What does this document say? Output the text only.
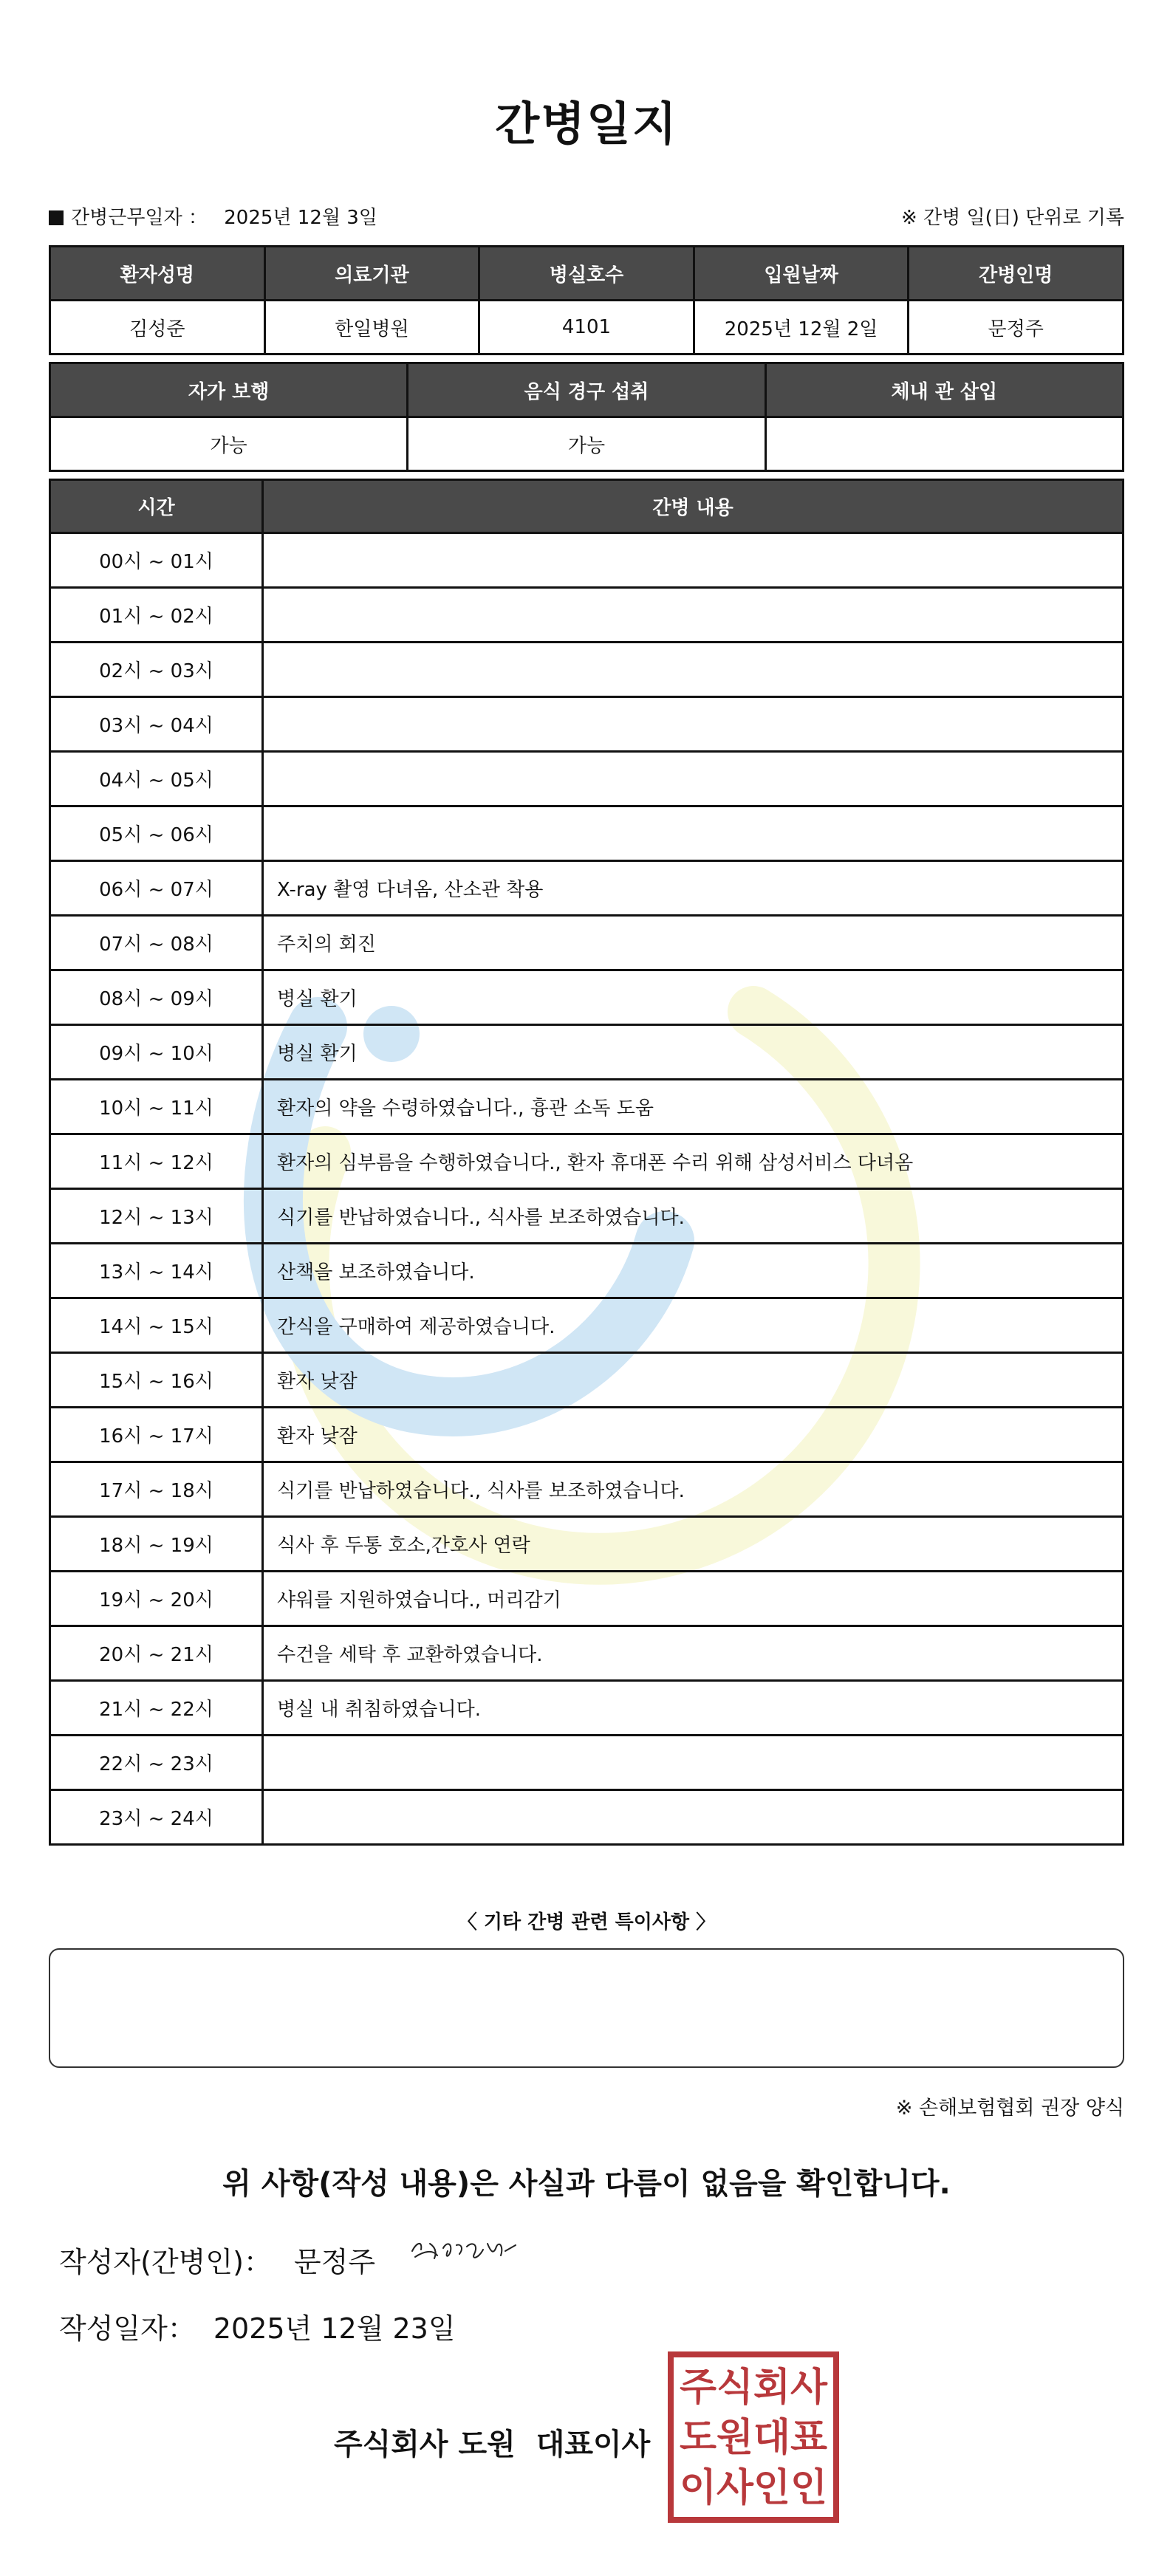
간병일지
간병근무일자 ： 2025년 12월 3일	※ 간병 일(日) 단위로 기록
환자성명	의료기관	병실호수	입원날짜	간병인명
김성준	한일병원	4101	2025년 12월 2일	문정주
자가 보행	음식 경구 섭취	체내 관 삽입
가능	가능	
시간	간병 내용
00시 ~ 01시	
01시 ~ 02시	
02시 ~ 03시	
03시 ~ 04시	
04시 ~ 05시	
05시 ~ 06시	
06시 ~ 07시	X-ray 촬영 다녀옴, 산소관 착용
07시 ~ 08시	주치의 회진
08시 ~ 09시	병실 환기
09시 ~ 10시	병실 환기
10시 ~ 11시	환자의 약을 수령하였습니다., 흉관 소독 도움
11시 ~ 12시	환자의 심부름을 수행하였습니다., 환자 휴대폰 수리 위해 삼성서비스 다녀옴
12시 ~ 13시	식기를 반납하였습니다., 식사를 보조하였습니다.
13시 ~ 14시	산책을 보조하였습니다.
14시 ~ 15시	간식을 구매하여 제공하였습니다.
15시 ~ 16시	환자 낮잠
16시 ~ 17시	환자 낮잠
17시 ~ 18시	식기를 반납하였습니다., 식사를 보조하였습니다.
18시 ~ 19시	식사 후 두통 호소,간호사 연락
19시 ~ 20시	샤워를 지원하였습니다., 머리감기
20시 ~ 21시	수건을 세탁 후 교환하였습니다.
21시 ~ 22시	병실 내 취침하였습니다.
22시 ~ 23시	
23시 ~ 24시	
〈 기타 간병 관련 특이사항 〉
※ 손해보험협회 권장 양식
위 사항(작성 내용)은 사실과 다름이 없음을 확인합니다.
작성자(간병인)： 문정주
작성일자： 2025년 12월 23일
주식회사 도원 대표이사
주식회사
도원대표
이사인인
